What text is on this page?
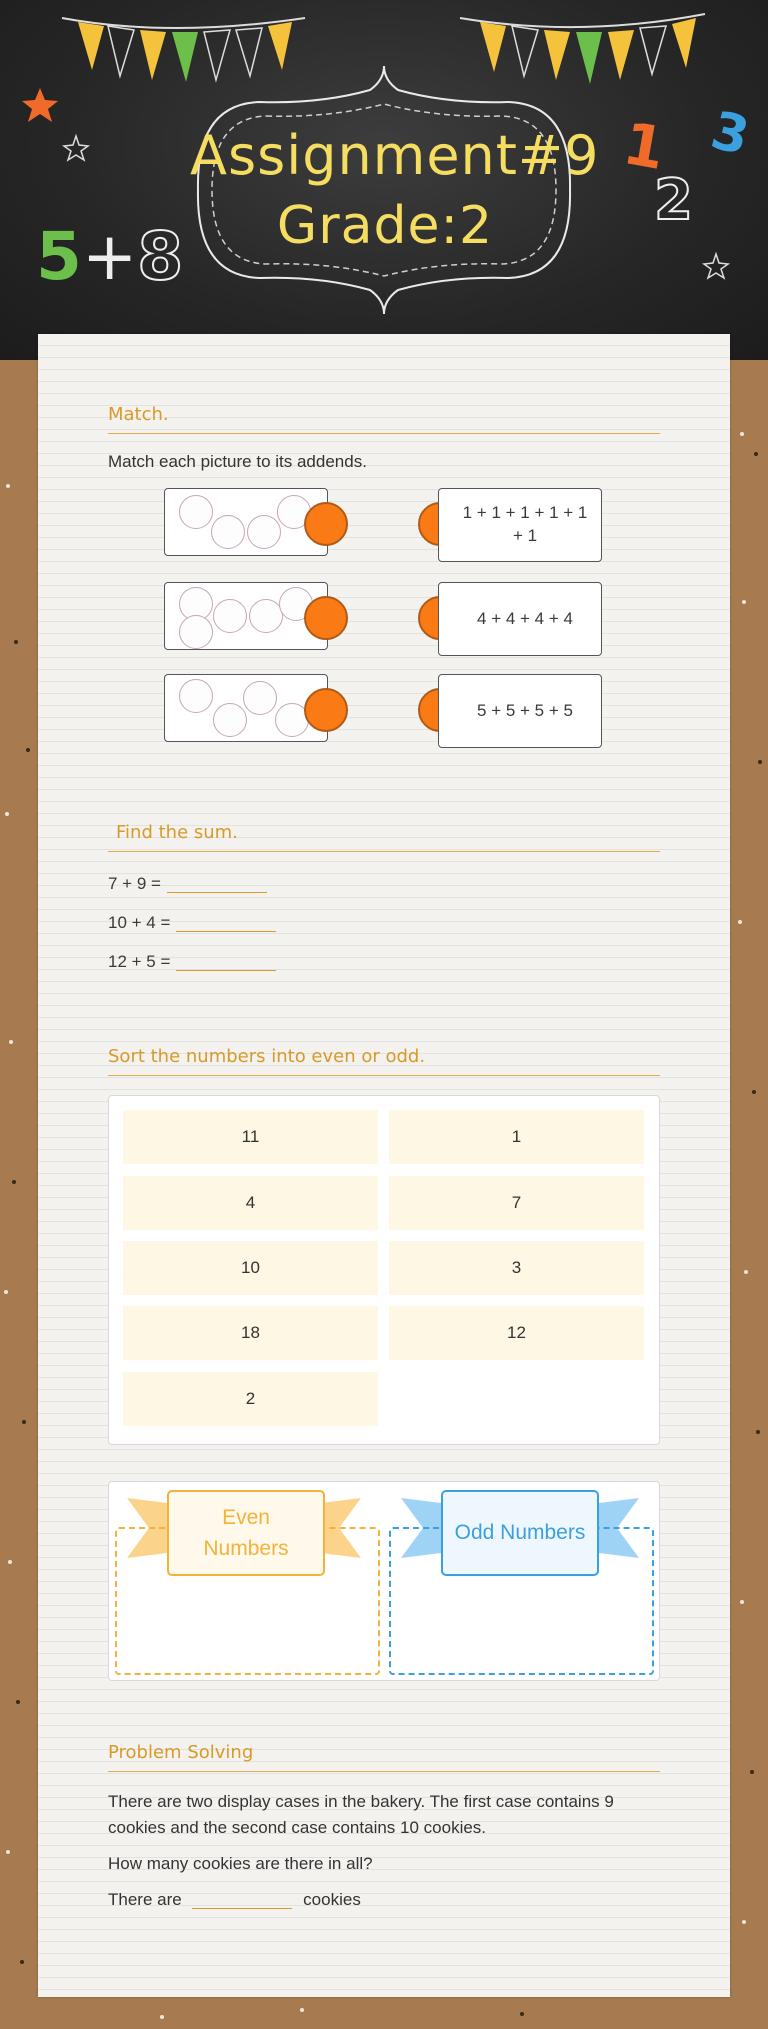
5+8
1
2
3
Assignment#9
Grade:2
Match.
Match each picture to its addends.
1 + 1 + 1 + 1 + 1 + 1
4 + 4 + 4 + 4
5 + 5 + 5 + 5
Find the sum.
7 + 9 =
10 + 4 =
12 + 5 =
Sort the numbers into even or odd.
11	1
4	7
10	3
18	12
2
Even Numbers
Odd Numbers
Problem Solving
There are two display cases in the bakery. The first case contains 9 cookies and the second case contains 10 cookies.
How many cookies are there in all?
There are	cookies
